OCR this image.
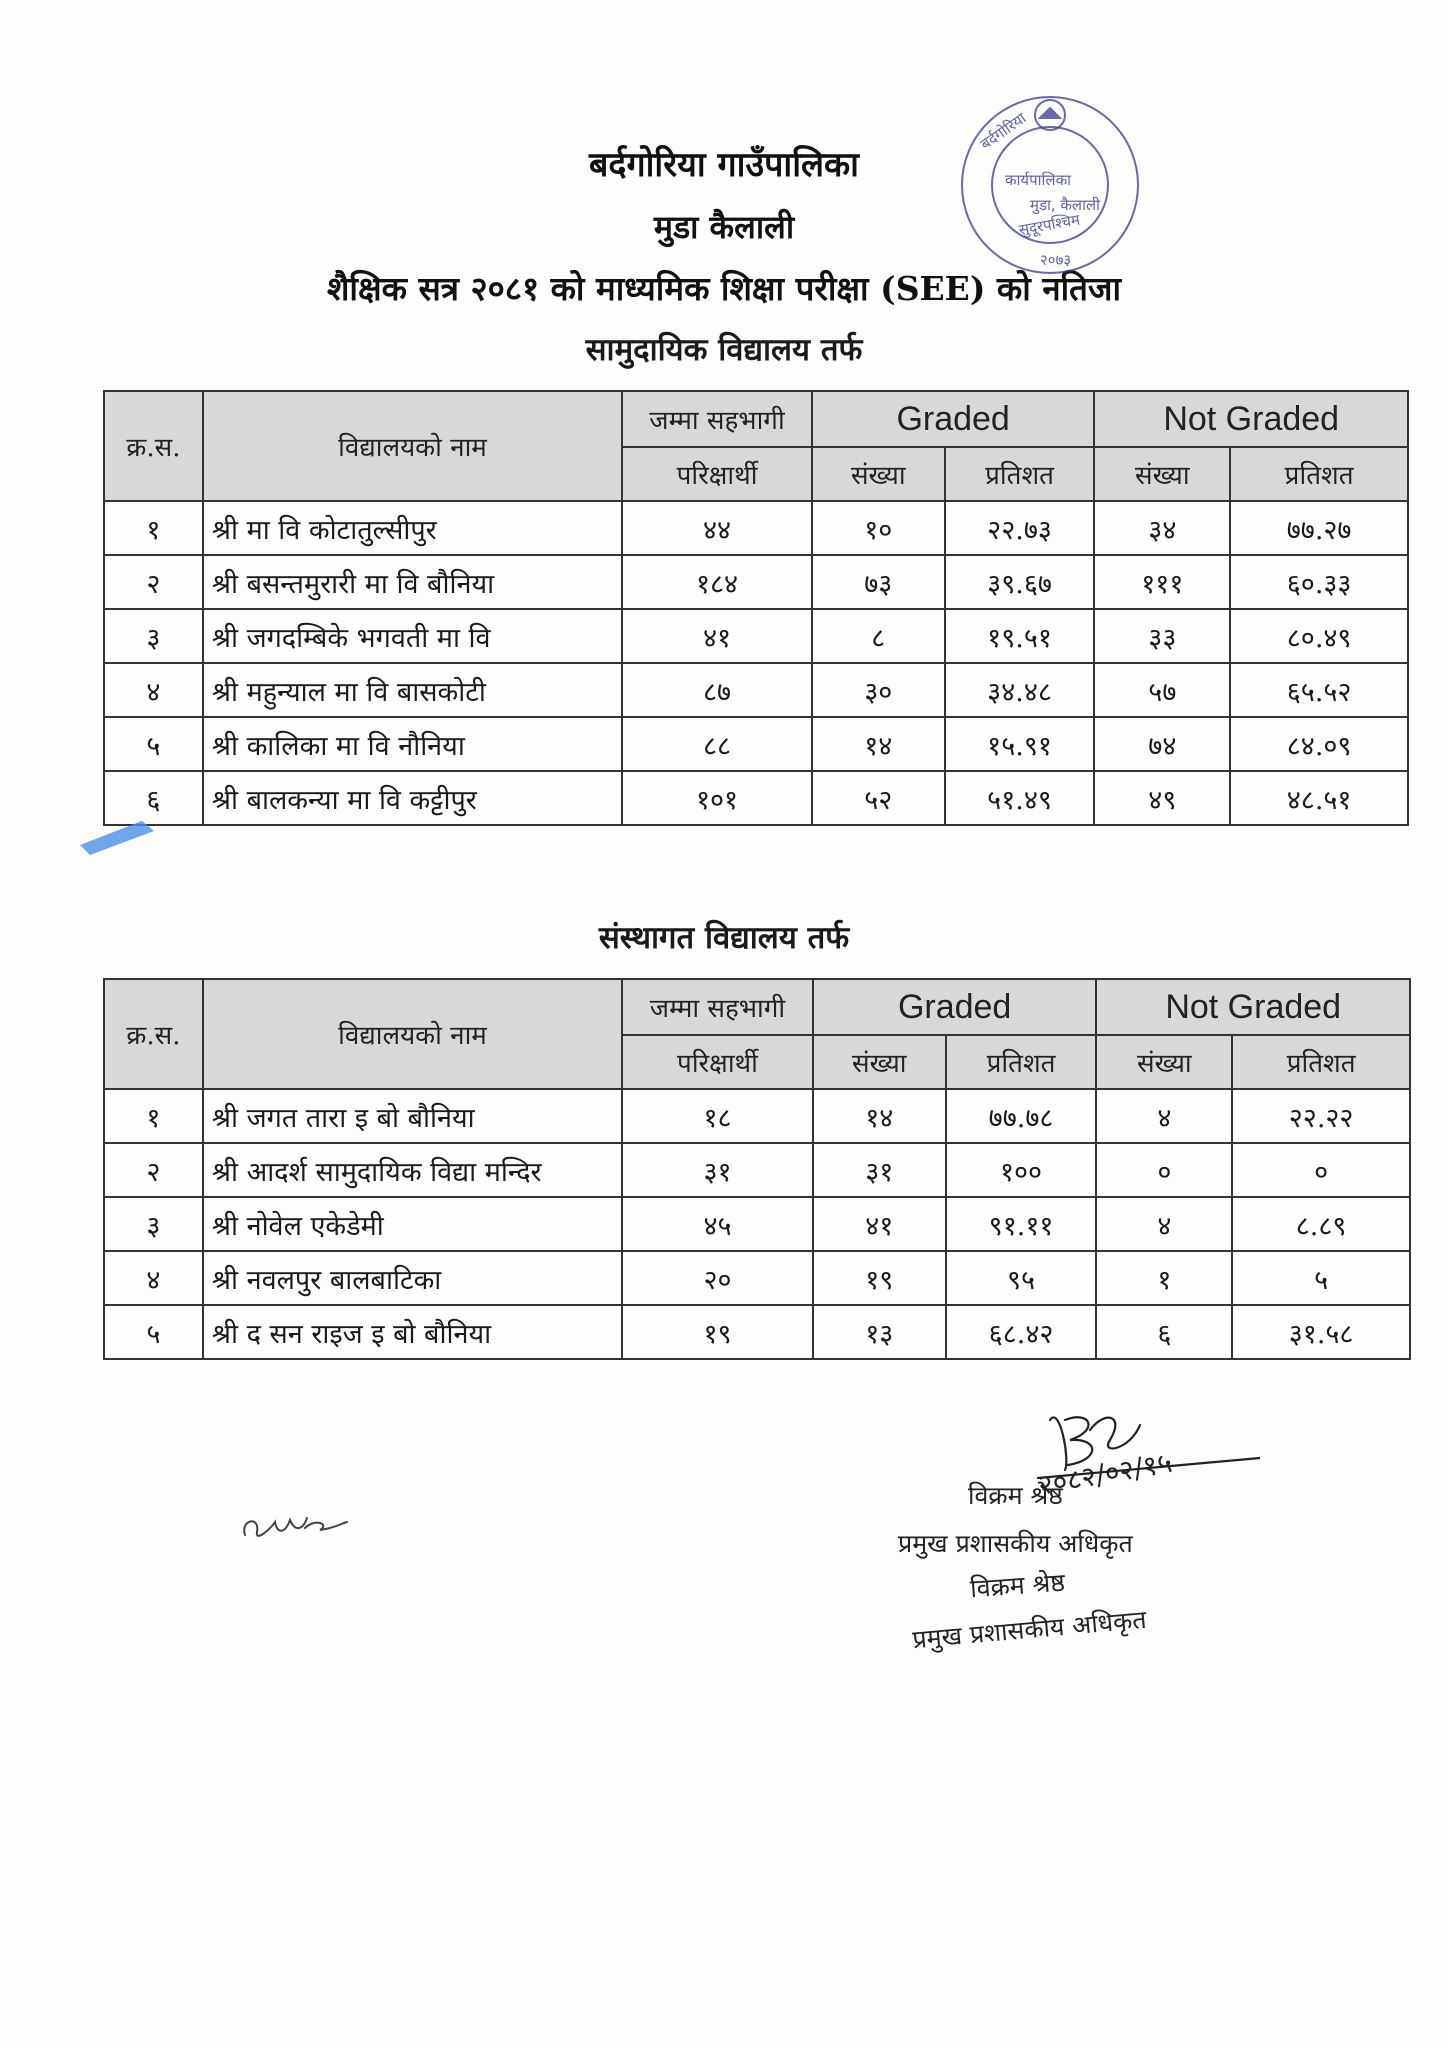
बर्दगोरिया गाउँपालिका
मुडा कैलाली
शैक्षिक सत्र २०८१ को माध्यमिक शिक्षा परीक्षा (SEE) को नतिजा
बर्दगोरिया
कार्यपालिका
मुडा, कैलाली
सुदूरपश्चिम
२०७३
सामुदायिक विद्यालय तर्फ
क्र.स.	विद्यालयको नाम	जम्मा सहभागी	Graded		Not Graded	
		परिक्षार्थी	संख्या	प्रतिशत	संख्या	प्रतिशत
१	श्री मा वि कोटातुल्सीपुर	४४	१०	२२.७३	३४	७७.२७
२	श्री बसन्तमुरारी मा वि बौनिया	१८४	७३	३९.६७	१११	६०.३३
३	श्री जगदम्बिके भगवती मा वि	४१	८	१९.५१	३३	८०.४९
४	श्री महुन्याल मा वि बासकोटी	८७	३०	३४.४८	५७	६५.५२
५	श्री कालिका मा वि नौनिया	८८	१४	१५.९१	७४	८४.०९
६	श्री बालकन्या मा वि कट्टीपुर	१०१	५२	५१.४९	४९	४८.५१
संस्थागत विद्यालय तर्फ
क्र.स.	विद्यालयको नाम	जम्मा सहभागी	Graded		Not Graded	
		परिक्षार्थी	संख्या	प्रतिशत	संख्या	प्रतिशत
१	श्री जगत तारा इ बो बौनिया	१८	१४	७७.७८	४	२२.२२
२	श्री आदर्श सामुदायिक विद्या मन्दिर	३१	३१	१००	०	०
३	श्री नोवेल एकेडेमी	४५	४१	९१.११	४	८.८९
४	श्री नवलपुर बालबाटिका	२०	१९	९५	१	५
५	श्री द सन राइज इ बो बौनिया	१९	१३	६८.४२	६	३१.५८
२०८२/०२/१५
विक्रम श्रेष्ठ
प्रमुख प्रशासकीय अधिकृत
विक्रम श्रेष्ठ
प्रमुख प्रशासकीय अधिकृत
